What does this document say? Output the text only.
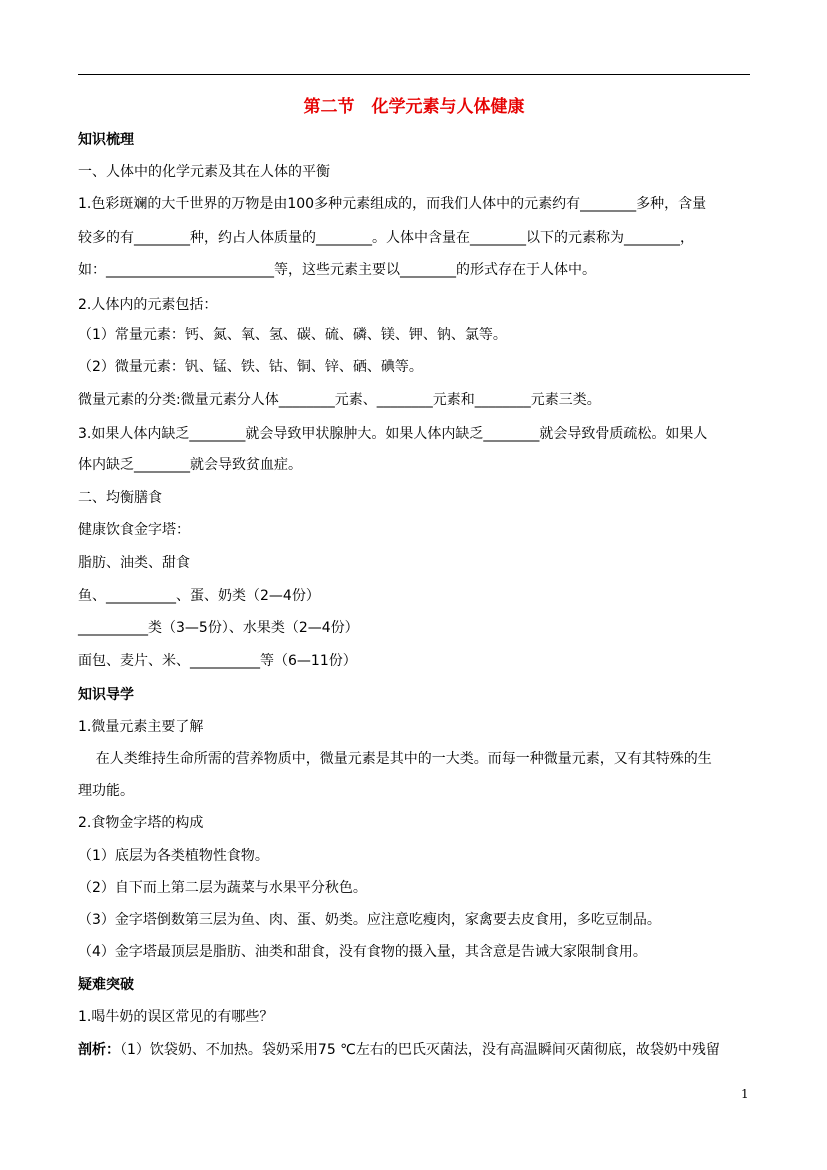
第二节　化学元素与人体健康
知识梳理
一、人体中的化学元素及其在人体的平衡
1.色彩斑斓的大千世界的万物是由100多种元素组成的，而我们人体中的元素约有________多种，含量
较多的有________种，约占人体质量的________。人体中含量在________以下的元素称为________，
如：________________________等，这些元素主要以________的形式存在于人体中。
2.人体内的元素包括：
（1）常量元素：钙、氮、氧、氢、碳、硫、磷、镁、钾、钠、氯等。
（2）微量元素：钒、锰、铁、钴、铜、锌、硒、碘等。
微量元素的分类:微量元素分人体________元素、________元素和________元素三类。
3.如果人体内缺乏________就会导致甲状腺肿大。如果人体内缺乏________就会导致骨质疏松。如果人
体内缺乏________就会导致贫血症。
二、均衡膳食
健康饮食金字塔：
脂肪、油类、甜食
鱼、__________、蛋、奶类（2—4份）
__________类（3—5份）、水果类（2—4份）
面包、麦片、米、__________等（6—11份）
知识导学
1.微量元素主要了解
在人类维持生命所需的营养物质中，微量元素是其中的一大类。而每一种微量元素，又有其特殊的生
理功能。
2.食物金字塔的构成
（1）底层为各类植物性食物。
（2）自下而上第二层为蔬菜与水果平分秋色。
（3）金字塔倒数第三层为鱼、肉、蛋、奶类。应注意吃瘦肉，家禽要去皮食用，多吃豆制品。
（4）金字塔最顶层是脂肪、油类和甜食，没有食物的摄入量，其含意是告诫大家限制食用。
疑难突破
1.喝牛奶的误区常见的有哪些？
剖析：（1）饮袋奶、不加热。袋奶采用75 ℃左右的巴氏灭菌法，没有高温瞬间灭菌彻底，故袋奶中残留
1
